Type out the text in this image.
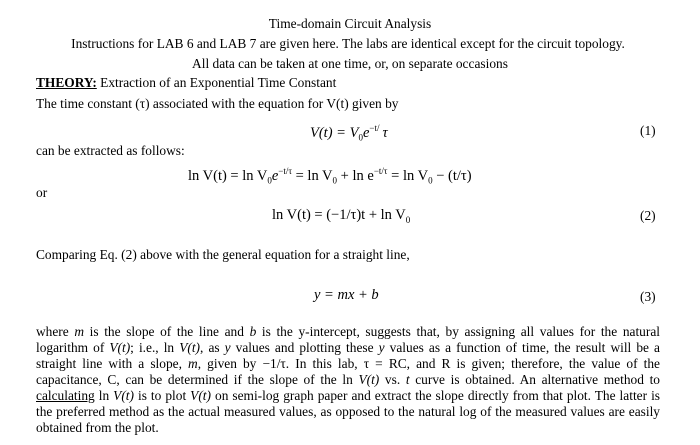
Time-domain Circuit Analysis
Instructions for LAB 6 and LAB 7 are given here. The labs are identical except for the circuit topology.
All data can be taken at one time, or, on separate occasions
THEORY: Extraction of an Exponential Time Constant
The time constant (τ) associated with the equation for V(t) given by
$V(t) = V_0e^{-t/}$ τ	(1)
can be extracted as follows:
$\ln V(t) = \ln V_0e^{-t/\tau} = \ln V_0 + \ln e^{-t/\tau} = \ln V_0 - (t/\tau)$
or
$\ln V(t) = (-1/\tau)t + \ln V_0$	(2)
Comparing Eq. (2) above with the general equation for a straight line,
y = mx + b	(3)
where m is the slope of the line and b is the y-intercept, suggests that, by assigning all values for the natural logarithm of V(t); i.e., ln V(t), as y values and plotting these y values as a function of time, the result will be a straight line with a slope, m, given by −1/τ. In this lab, τ = RC, and R is given; therefore, the value of the capacitance, C, can be determined if the slope of the ln V(t) vs. t curve is obtained. An alternative method to calculating ln V(t) is to plot V(t) on semi-log graph paper and extract the slope directly from that plot. The latter is the preferred method as the actual measured values, as opposed to the natural log of the measured values are easily obtained from the plot.
